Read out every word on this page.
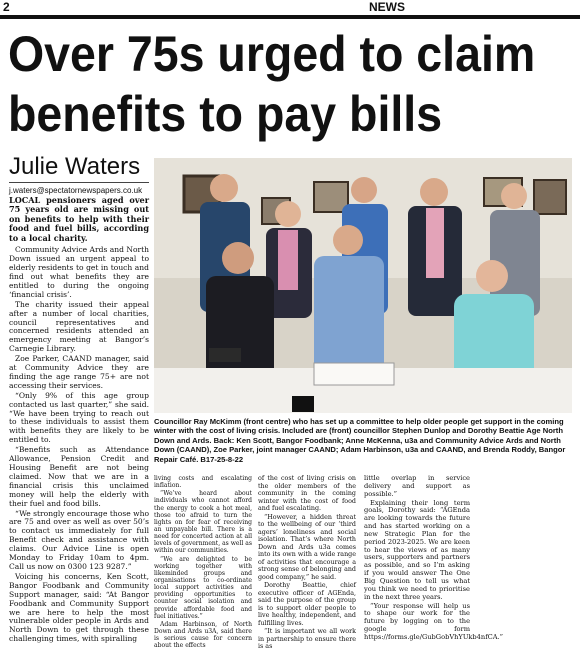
2	NEWS
Over 75s urged to claim benefits to pay bills

Julie Waters

j.waters@spectatornewspapers.co.uk

LOCAL pensioners aged over 75 years old are missing out on benefits to help with their food and fuel bills, according to a local charity.

Community Advice Ards and North Down issued an urgent appeal to elderly residents to get in touch and find out what benefits they are entitled to during the ongoing ‘financial crisis’.

The charity issued their appeal after a number of local charities, council representatives and concerned residents attended an emergency meeting at Bangor’s Carnegie Library.

Zoe Parker, CAAND manager, said at Community Advice they are finding the age range 75+ are not accessing their services.

“Only 9% of this age group contacted us last quarter,” she said. “We have been trying to reach out to these individuals to assist them with benefits they are likely to be entitled to.

“Benefits such as Attendance Allowance, Pension Credit and Housing Benefit are not being claimed. Now that we are in a financial crisis this unclaimed money will help the elderly with their fuel and food bills.

“We strongly encourage those who are 75 and over as well as over 50’s to contact us immediately for full Benefit check and assistance with claims. Our Advice Line is open Monday to Friday 10am to 4pm. Call us now on 0300 123 9287.”

Voicing his concerns, Ken Scott, Bangor Foodbank and Community Support manager, said: “At Bangor Foodbank and Community Support we are here to help the most vulnerable older people in Ards and North Down to get through these challenging times, with spiralling

Councillor Ray McKimm (front centre) who has set up a committee to help older people get support in the coming winter with the cost of living crisis. Included are (front) councillor Stephen Dunlop and Dorothy Beattie Age North Down and Ards. Back: Ken Scott, Bangor Foodbank; Anne McKenna, u3a and Community Advice Ards and North Down (CAAND), Zoe Parker, joint manager CAAND; Adam Harbinson, u3a and CAAND, and Brenda Roddy, Bangor Repair Café. B17-25-8-22

living costs and escalating inflation.

“We’ve heard about individuals who cannot afford the energy to cook a hot meal, those too afraid to turn the lights on for fear of receiving an unpayable bill. There is a need for concerted action at all levels of government, as well as within our communities.

“We are delighted to be working together with likeminded groups and organisations to co-ordinate local support activities and providing opportunities to counter social isolation and provide affordable food and fuel initiatives.”

Adam Harbinson, of North Down and Ards u3A, said there is serious cause for concern about the effects

of the cost of living crisis on the older members of the community in the coming winter with the cost of food and fuel escalating.

“However, a hidden threat to the wellbeing of our ‘third agers’ loneliness and social isolation. That’s where North Down and Ards u3a comes into its own with a wide range of activities that encourage a strong sense of belonging and good company,” he said.

Dorothy Beattie, chief executive officer of AGEnda, said the purpose of the group is to support older people to live healthy, independent, and fulfilling lives.

“It is important we all work in partnership to ensure there is as

little overlap in service delivery and support as possible.”

Explaining their long term goals, Dorothy said: “AGEnda are looking towards the future and has started working on a new Strategic Plan for the period 2023-2025. We are keen to hear the views of as many users, supporters and partners as possible, and so I’m asking if you would answer The One Big Question to tell us what you think we need to prioritise in the next three years.

“Your response will help us to shape our work for the future by logging on to the google form https://forms.gle/GubGobVhYUkb4nfCA.”
